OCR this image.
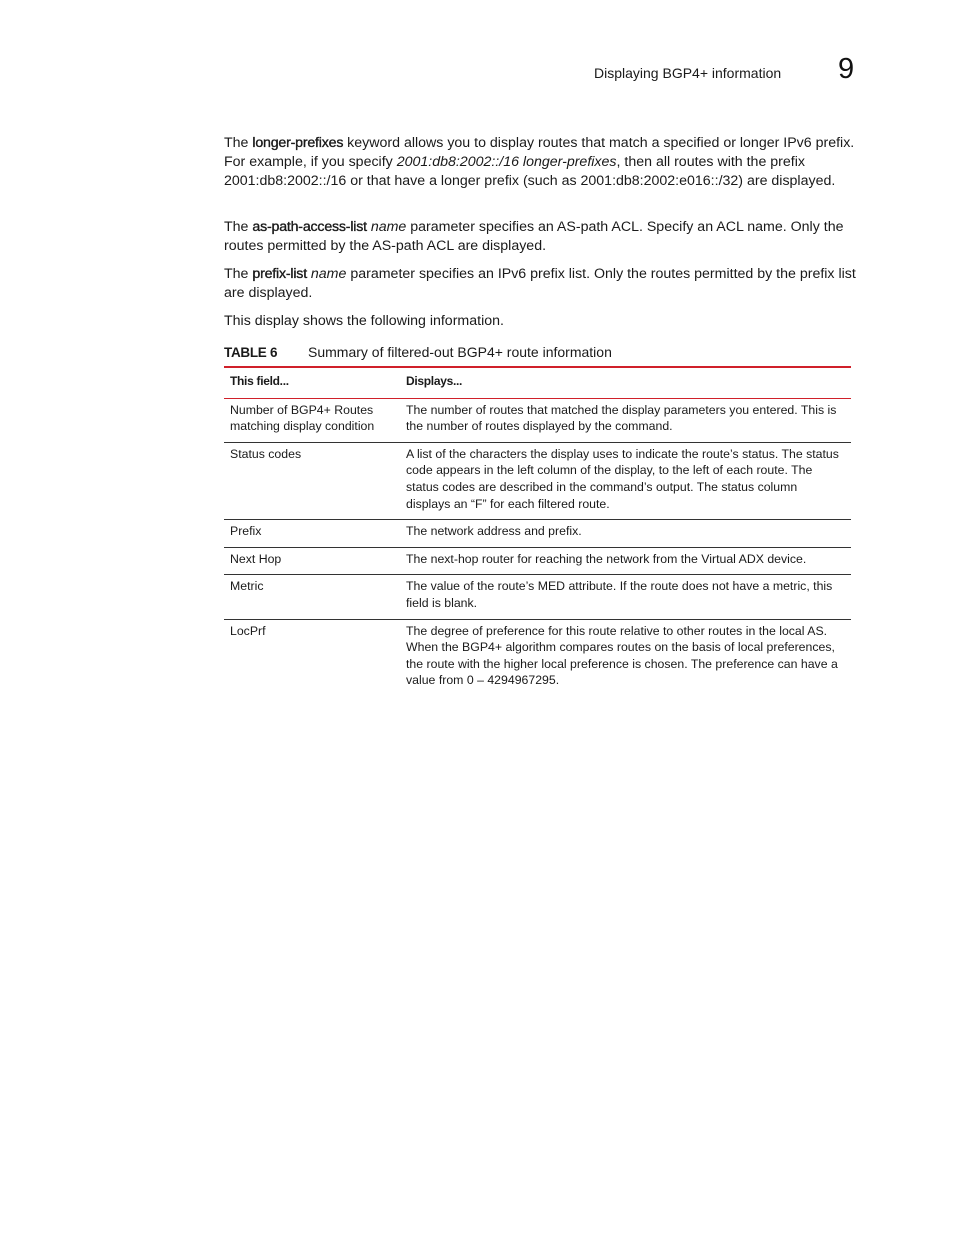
Displaying BGP4+ information 9

The longer-prefixes keyword allows you to display routes that match a specified or longer IPv6 prefix. For example, if you specify 2001:db8:2002::/16 longer-prefixes, then all routes with the prefix 2001:db8:2002::/16 or that have a longer prefix (such as 2001:db8:2002:e016::/32) are displayed.

The as-path-access-list name parameter specifies an AS-path ACL. Specify an ACL name. Only the routes permitted by the AS-path ACL are displayed.

The prefix-list name parameter specifies an IPv6 prefix list. Only the routes permitted by the prefix list are displayed.

This display shows the following information.

TABLE 6 Summary of filtered-out BGP4+ route information
This field...	Displays...
Number of BGP4+ Routes matching display condition	The number of routes that matched the display parameters you entered. This is the number of routes displayed by the command.
Status codes	A list of the characters the display uses to indicate the route’s status. The status code appears in the left column of the display, to the left of each route. The status codes are described in the command’s output. The status column displays an “F” for each filtered route.
Prefix	The network address and prefix.
Next Hop	The next-hop router for reaching the network from the Virtual ADX device.
Metric	The value of the route’s MED attribute. If the route does not have a metric, this field is blank.
LocPrf	The degree of preference for this route relative to other routes in the local AS. When the BGP4+ algorithm compares routes on the basis of local preferences, the route with the higher local preference is chosen. The preference can have a value from 0 – 4294967295.
